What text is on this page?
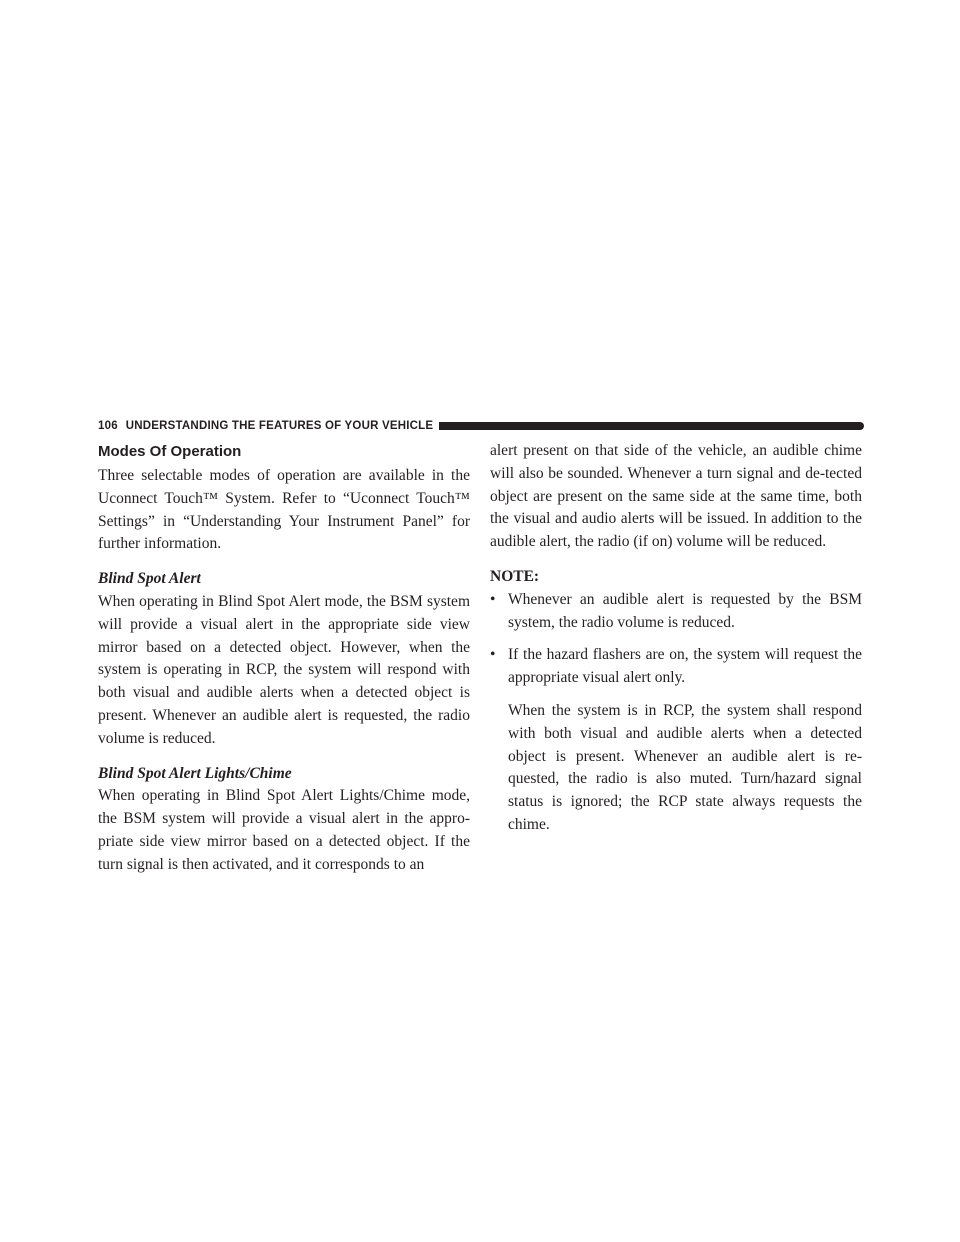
106 UNDERSTANDING THE FEATURES OF YOUR VEHICLE
Modes Of Operation

Three selectable modes of operation are available in the Uconnect Touch™ System. Refer to “Uconnect Touch™ Settings” in “Understanding Your Instrument Panel” for further information.

Blind Spot Alert

When operating in Blind Spot Alert mode, the BSM system will provide a visual alert in the appropriate side view mirror based on a detected object. However, when the system is operating in RCP, the system will respond with both visual and audible alerts when a detected object is present. Whenever an audible alert is requested, the radio volume is reduced.

Blind Spot Alert Lights/Chime

When operating in Blind Spot Alert Lights/Chime mode, the BSM system will provide a visual alert in the appro-priate side view mirror based on a detected object. If the turn signal is then activated, and it corresponds to an

alert present on that side of the vehicle, an audible chime will also be sounded. Whenever a turn signal and de-tected object are present on the same side at the same time, both the visual and audio alerts will be issued. In addition to the audible alert, the radio (if on) volume will be reduced.

NOTE:
• Whenever an audible alert is requested by the BSM system, the radio volume is reduced.
• If the hazard flashers are on, the system will request the appropriate visual alert only.

When the system is in RCP, the system shall respond with both visual and audible alerts when a detected object is present. Whenever an audible alert is re-quested, the radio is also muted. Turn/hazard signal status is ignored; the RCP state always requests the chime.
